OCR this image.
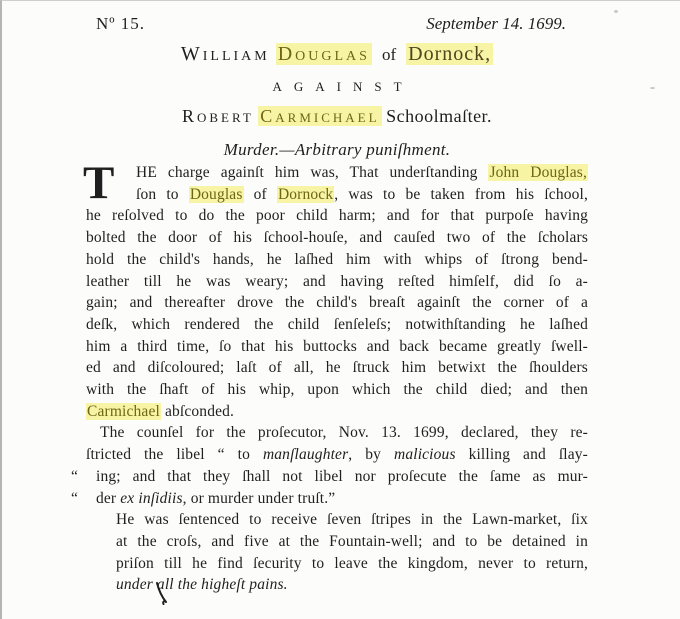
Nº 15.	September 14. 1699.
William Douglas of Dornock,
AGAINST
Robert Carmichael Schoolmaſter.
Murder.—Arbitrary puniſhment.
T	HE charge againſt him was, That underſtanding John Douglas,
ſon to Douglas of Dornock, was to be taken from his ſchool,
he reſolved to do the poor child harm; and for that purpoſe having
bolted the door of his ſchool-houſe, and cauſed two of the ſcholars
hold the child's hands, he laſhed him with whips of ſtrong bend-
leather till he was weary; and having reſted himſelf, did ſo a-
gain; and thereafter drove the child's breaſt againſt the corner of a
deſk, which rendered the child ſenſeleſs; notwithſtanding he laſhed
him a third time, ſo that his buttocks and back became greatly ſwell-
ed and diſcoloured; laſt of all, he ſtruck him betwixt the ſhoulders
with the ſhaft of his whip, upon which the child died; and then
Carmichael abſconded.
The counſel for the proſecutor, Nov. 13. 1699, declared, they re-
ſtricted the libel “ to manſlaughter, by malicious killing and ſlay-
“ ing; and that they ſhall not libel nor proſecute the ſame as mur-
“ der ex inſidiis, or murder under truſt.”
He was ſentenced to receive ſeven ſtripes in the Lawn-market, ſix
at the croſs, and five at the Fountain-well; and to be detained in
priſon till he find ſecurity to leave the kingdom, never to return,
under all the higheſt pains.
